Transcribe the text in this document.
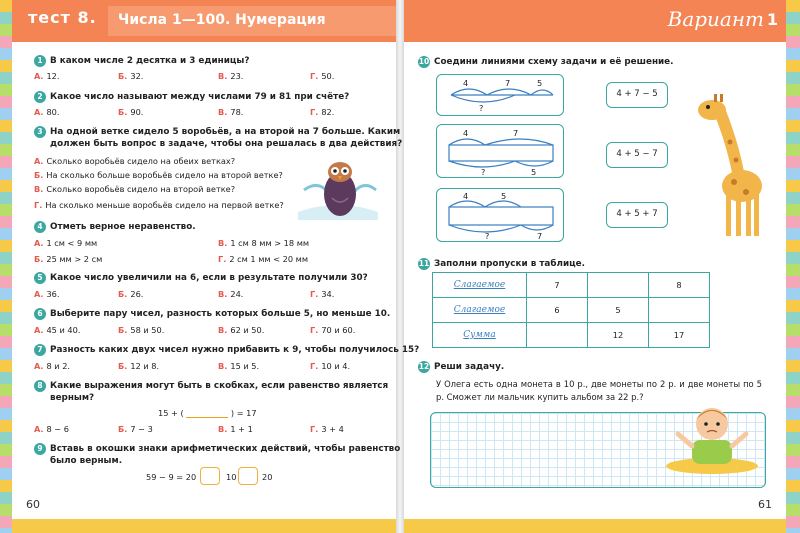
тест 8. Числа 1—100. Нумерация
60
Вариант 1
61
1 В каком числе 2 десятка и 3 единицы?
А. 12.	Б. 32.	В. 23.	Г. 50.
2 Какое число называют между числами 79 и 81 при счёте?
А. 80.	Б. 90.	В. 78.	Г. 82.
3 На одной ветке сидело 5 воробьёв, а на второй на 7 больше. Каким
должен быть вопрос в задаче, чтобы она решалась в два действия?
А. Сколько воробьёв сидело на обеих ветках?
Б. На сколько больше воробьёв сидело на второй ветке?
В. Сколько воробьёв сидело на второй ветке?
Г. На сколько меньше воробьёв сидело на первой ветке?
4 Отметь верное неравенство.
А. 1 см < 9 мм	В. 1 см 8 мм > 18 мм
Б. 25 мм > 2 см	Г. 2 см 1 мм < 20 мм
5 Какое число увеличили на 6, если в результате получили 30?
А. 36.	Б. 26.	В. 24.	Г. 34.
6 Выберите пару чисел, разность которых больше 5, но меньше 10.
А. 45 и 40.	Б. 58 и 50.	В. 62 и 50.	Г. 70 и 60.
7 Разность каких двух чисел нужно прибавить к 9, чтобы получилось 15?
А. 8 и 2.	Б. 12 и 8.	В. 15 и 5.	Г. 10 и 4.
8 Какие выражения могут быть в скобках, если равенство является
верным?
15 + (	) = 17
А. 8 − 6	Б. 7 − 3	В. 1 + 1	Г. 3 + 4
9 Вставь в окошки знаки арифметических действий, чтобы равенство
было верным.
59 − 9 = 20	10	20
10 Соедини линиями схему задачи и её решение.
4	7	5
?
4	7
?	5
4	5
?	7
4 + 7 − 5
4 + 5 − 7
4 + 5 + 7
11 Заполни пропуски в таблице.
Слагаемое	7		8
Слагаемое	6	5	
Сумма		12	17
12 Реши задачу.
У Олега есть одна монета в 10 р., две монеты по 2 р. и две монеты по 5 р. Сможет ли мальчик купить альбом за 22 р.?
